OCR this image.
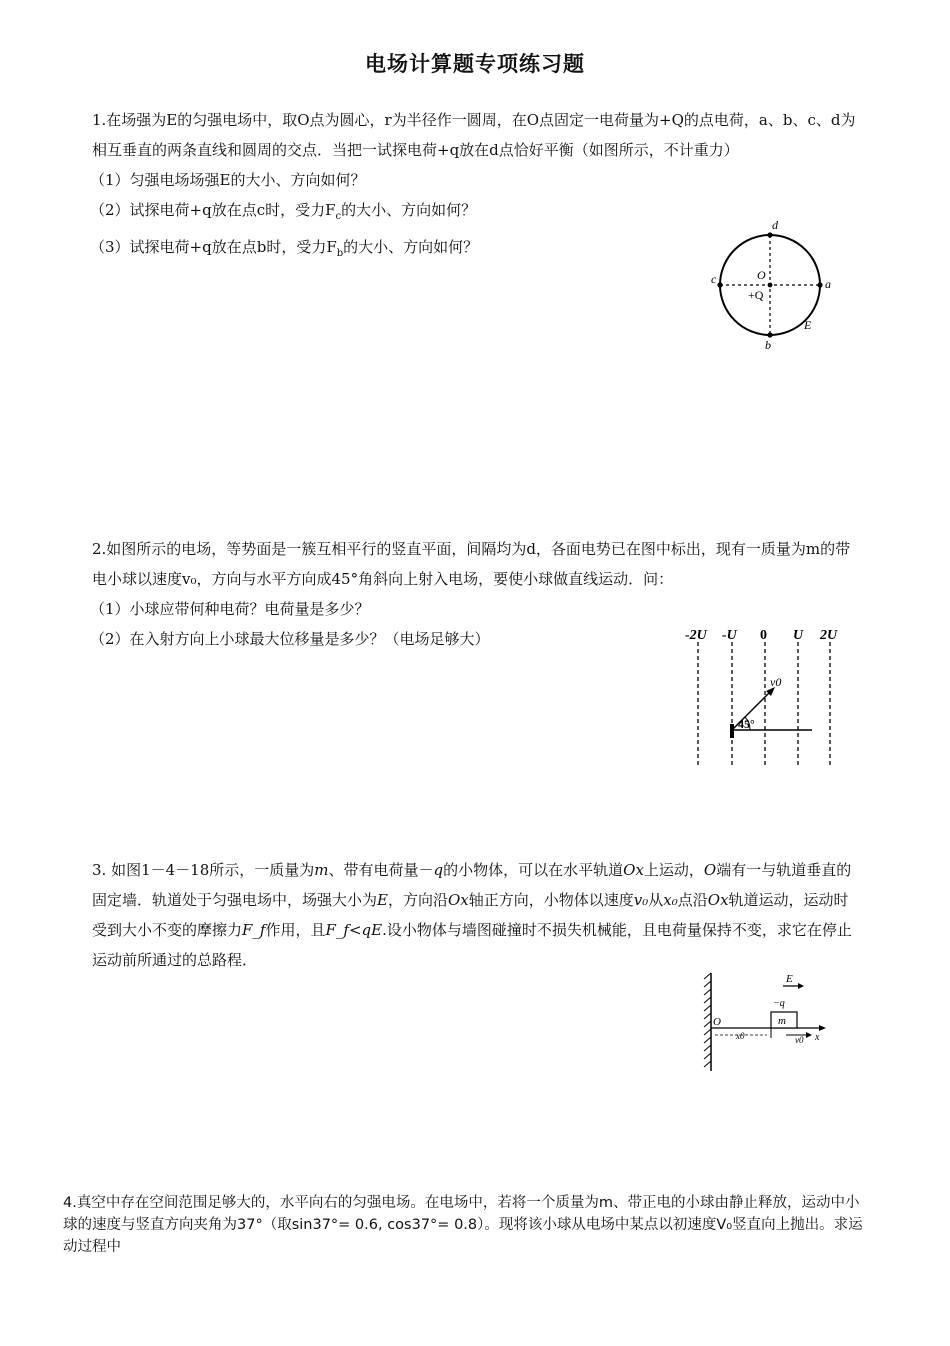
电场计算题专项练习题

1.在场强为E的匀强电场中，取O点为圆心，r为半径作一圆周，在O点固定一电荷量为+Q的点电荷，a、b、c、d为相互垂直的两条直线和圆周的交点．当把一试探电荷+q放在d点恰好平衡（如图所示，不计重力）

（1）匀强电场场强E的大小、方向如何？

（2）试探电荷+q放在点c时，受力$F_c$的大小、方向如何？

（3）试探电荷+q放在点b时，受力$F_b$的大小、方向如何？

d
c	a
b
O
+Q
E

2.如图所示的电场，等势面是一簇互相平行的竖直平面，间隔均为d，各面电势已在图中标出，现有一质量为m的带电小球以速度v₀，方向与水平方向成45°角斜向上射入电场，要使小球做直线运动．问：

（1）小球应带何种电荷？电荷量是多少？

（2）在入射方向上小球最大位移量是多少？（电场足够大）	-2U -U 0 U 2U
v0
45°

3. 如图1－4－18所示，一质量为m、带有电荷量－q的小物体，可以在水平轨道Ox上运动，O端有一与轨道垂直的固定墙．轨道处于匀强电场中，场强大小为E，方向沿Ox轴正方向，小物体以速度v₀从x₀点沿Ox轨道运动，运动时受到大小不变的摩擦力F_f作用，且F_f<qE.设小物体与墙图碰撞时不损失机械能，且电荷量保持不变，求它在停止运动前所通过的总路程．

E
−q
m
O
x0	v0 x

4.真空中存在空间范围足够大的，水平向右的匀强电场。在电场中，若将一个质量为m、带正电的小球由静止释放，运动中小球的速度与竖直方向夹角为37°（取sin37°= 0.6, cos37°= 0.8）。现将该小球从电场中某点以初速度V₀竖直向上抛出。求运动过程中
